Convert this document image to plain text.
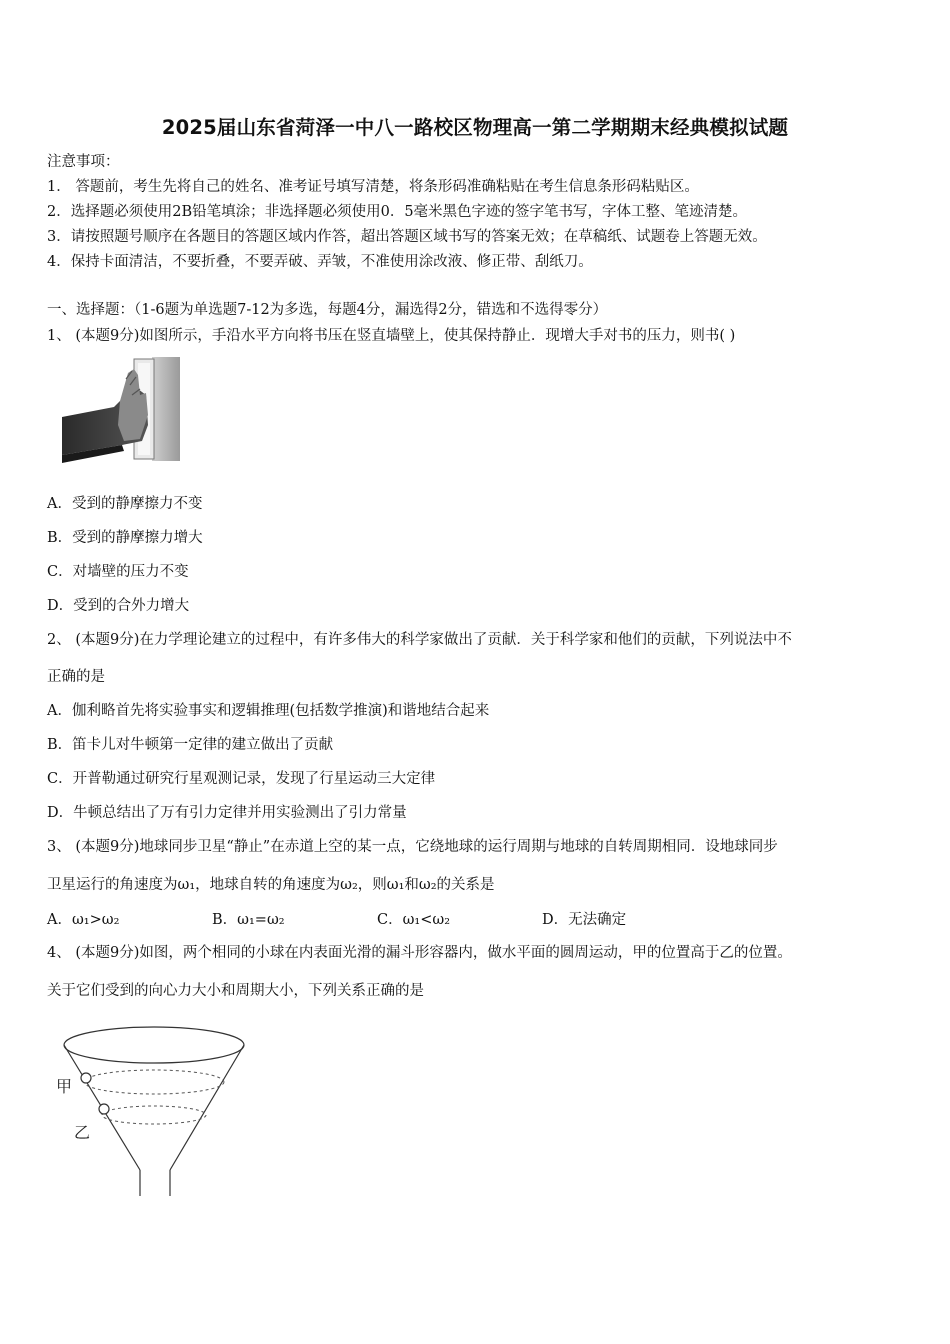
2025届山东省菏泽一中八一路校区物理高一第二学期期末经典模拟试题
注意事项：
1． 答题前，考生先将自己的姓名、准考证号填写清楚，将条形码准确粘贴在考生信息条形码粘贴区。
2．选择题必须使用2B铅笔填涂；非选择题必须使用0．5毫米黑色字迹的签字笔书写，字体工整、笔迹清楚。
3．请按照题号顺序在各题目的答题区域内作答，超出答题区域书写的答案无效；在草稿纸、试题卷上答题无效。
4．保持卡面清洁，不要折叠，不要弄破、弄皱，不准使用涂改液、修正带、刮纸刀。
一、选择题：（1-6题为单选题7-12为多选，每题4分，漏选得2分，错选和不选得零分）
1、 (本题9分)如图所示，手沿水平方向将书压在竖直墙壁上，使其保持静止．现增大手对书的压力，则书( )
A．受到的静摩擦力不变
B．受到的静摩擦力增大
C．对墙壁的压力不变
D．受到的合外力增大
2、 (本题9分)在力学理论建立的过程中，有许多伟大的科学家做出了贡献．关于科学家和他们的贡献，下列说法中不
正确的是
A．伽利略首先将实验事实和逻辑推理(包括数学推演)和谐地结合起来
B．笛卡儿对牛顿第一定律的建立做出了贡献
C．开普勒通过研究行星观测记录，发现了行星运动三大定律
D．牛顿总结出了万有引力定律并用实验测出了引力常量
3、 (本题9分)地球同步卫星“静止”在赤道上空的某一点，它绕地球的运行周期与地球的自转周期相同．设地球同步
卫星运行的角速度为ω₁，地球自转的角速度为ω₂，则ω₁和ω₂的关系是
A．ω₁>ω₂	B．ω₁=ω₂	C．ω₁<ω₂	D．无法确定
4、 (本题9分)如图，两个相同的小球在内表面光滑的漏斗形容器内，做水平面的圆周运动，甲的位置高于乙的位置。
关于它们受到的向心力大小和周期大小，下列关系正确的是
甲
乙
